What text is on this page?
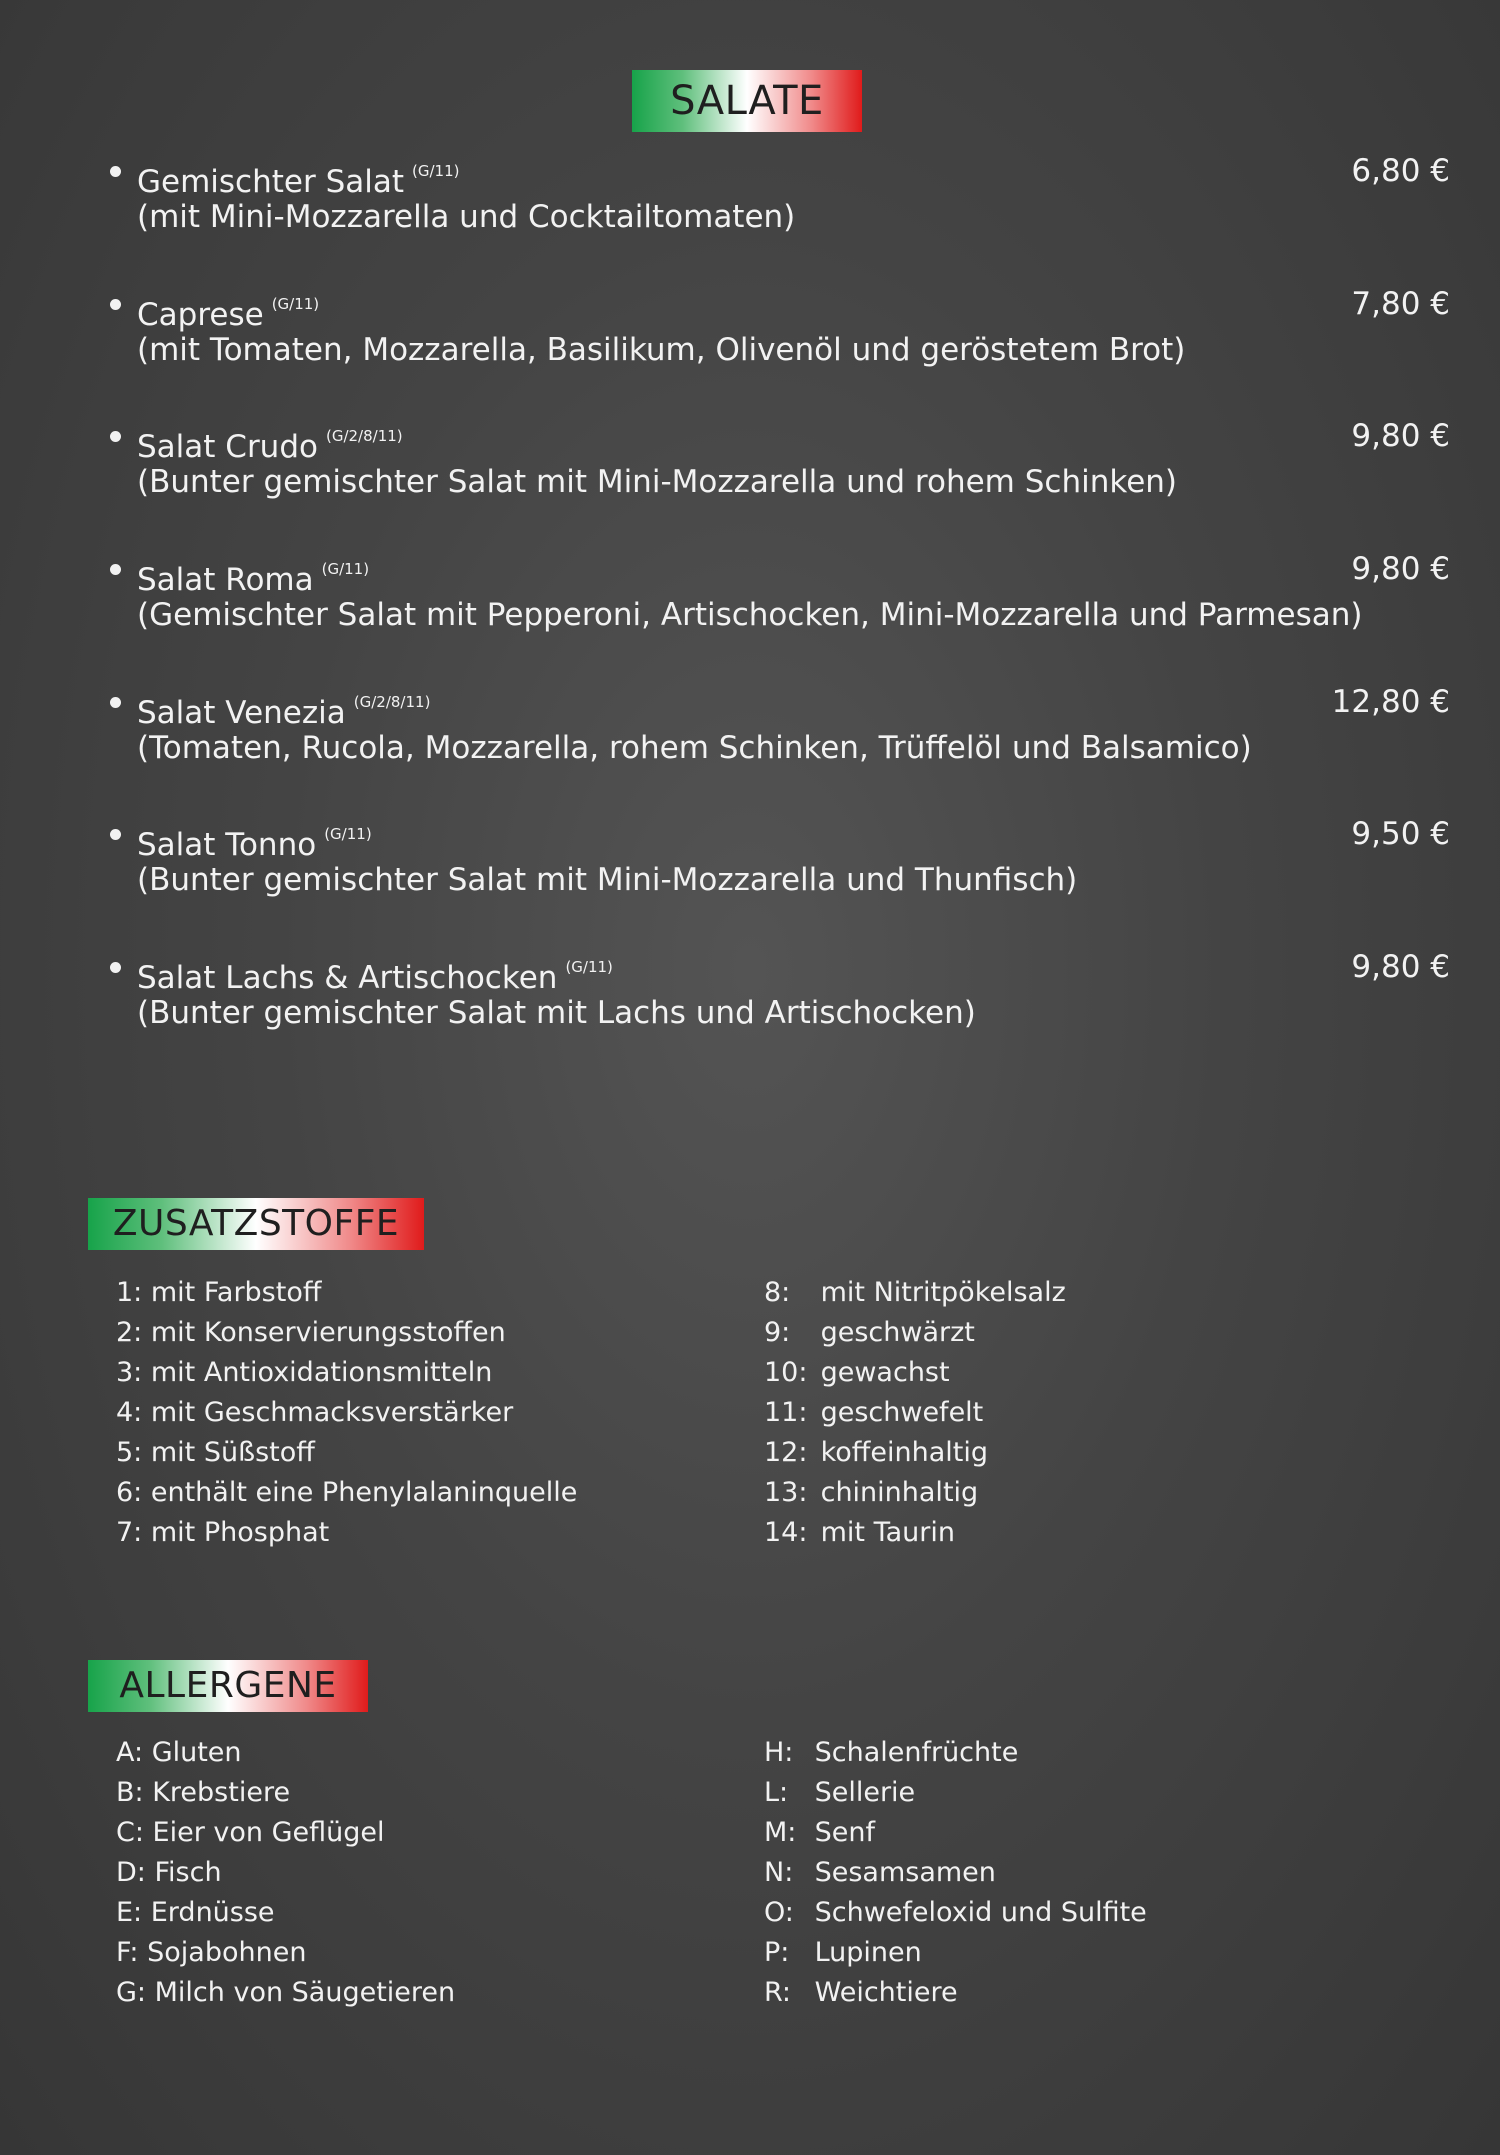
SALATE
Gemischter Salat $^{(G/11)}$	6,80 €
(mit Mini-Mozzarella und Cocktailtomaten)
Caprese $^{(G/11)}$	7,80 €
(mit Tomaten, Mozzarella, Basilikum, Olivenöl und geröstetem Brot)
Salat Crudo $^{(G/2/8/11)}$	9,80 €
(Bunter gemischter Salat mit Mini-Mozzarella und rohem Schinken)
Salat Roma $^{(G/11)}$	9,80 €
(Gemischter Salat mit Pepperoni, Artischocken, Mini-Mozzarella und Parmesan)
Salat Venezia $^{(G/2/8/11)}$	12,80 €
(Tomaten, Rucola, Mozzarella, rohem Schinken, Trüffelöl und Balsamico)
Salat Tonno $^{(G/11)}$	9,50 €
(Bunter gemischter Salat mit Mini-Mozzarella und Thunfisch)
Salat Lachs & Artischocken $^{(G/11)}$	9,80 €
(Bunter gemischter Salat mit Lachs und Artischocken)
ZUSATZSTOFFE
1: mit Farbstoff
2: mit Konservierungsstoffen
3: mit Antioxidationsmitteln
4: mit Geschmacksverstärker
5: mit Süßstoff
6: enthält eine Phenylalaninquelle
7: mit Phosphat
8: mit Nitritpökelsalz
9: geschwärzt
10: gewachst
11: geschwefelt
12: koffeinhaltig
13: chininhaltig
14: mit Taurin
ALLERGENE
A: Gluten
B: Krebstiere
C: Eier von Geflügel
D: Fisch
E: Erdnüsse
F: Sojabohnen
G: Milch von Säugetieren
H: Schalenfrüchte
L: Sellerie
M: Senf
N: Sesamsamen
O: Schwefeloxid und Sulfite
P: Lupinen
R: Weichtiere
